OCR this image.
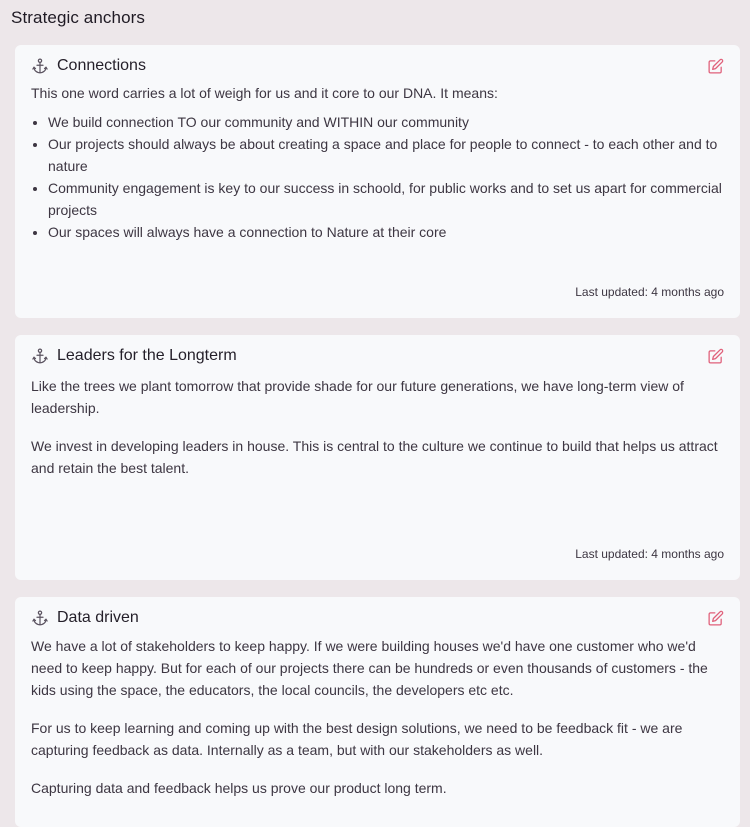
Strategic anchors
Connections

This one word carries a lot of weigh for us and it core to our DNA. It means:

• We build connection TO our community and WITHIN our community
• Our projects should always be about creating a space and place for people to connect - to each other and to nature
• Community engagement is key to our success in schoold, for public works and to set us apart for commercial projects
• Our spaces will always have a connection to Nature at their core
Last updated: 4 months ago
Leaders for the Longterm

Like the trees we plant tomorrow that provide shade for our future generations, we have long-term view of leadership.

We invest in developing leaders in house. This is central to the culture we continue to build that helps us attract and retain the best talent.

Last updated: 4 months ago
Data driven

We have a lot of stakeholders to keep happy. If we were building houses we'd have one customer who we'd need to keep happy. But for each of our projects there can be hundreds or even thousands of customers - the kids using the space, the educators, the local councils, the developers etc etc.

For us to keep learning and coming up with the best design solutions, we need to be feedback fit - we are capturing feedback as data. Internally as a team, but with our stakeholders as well.

Capturing data and feedback helps us prove our product long term.
